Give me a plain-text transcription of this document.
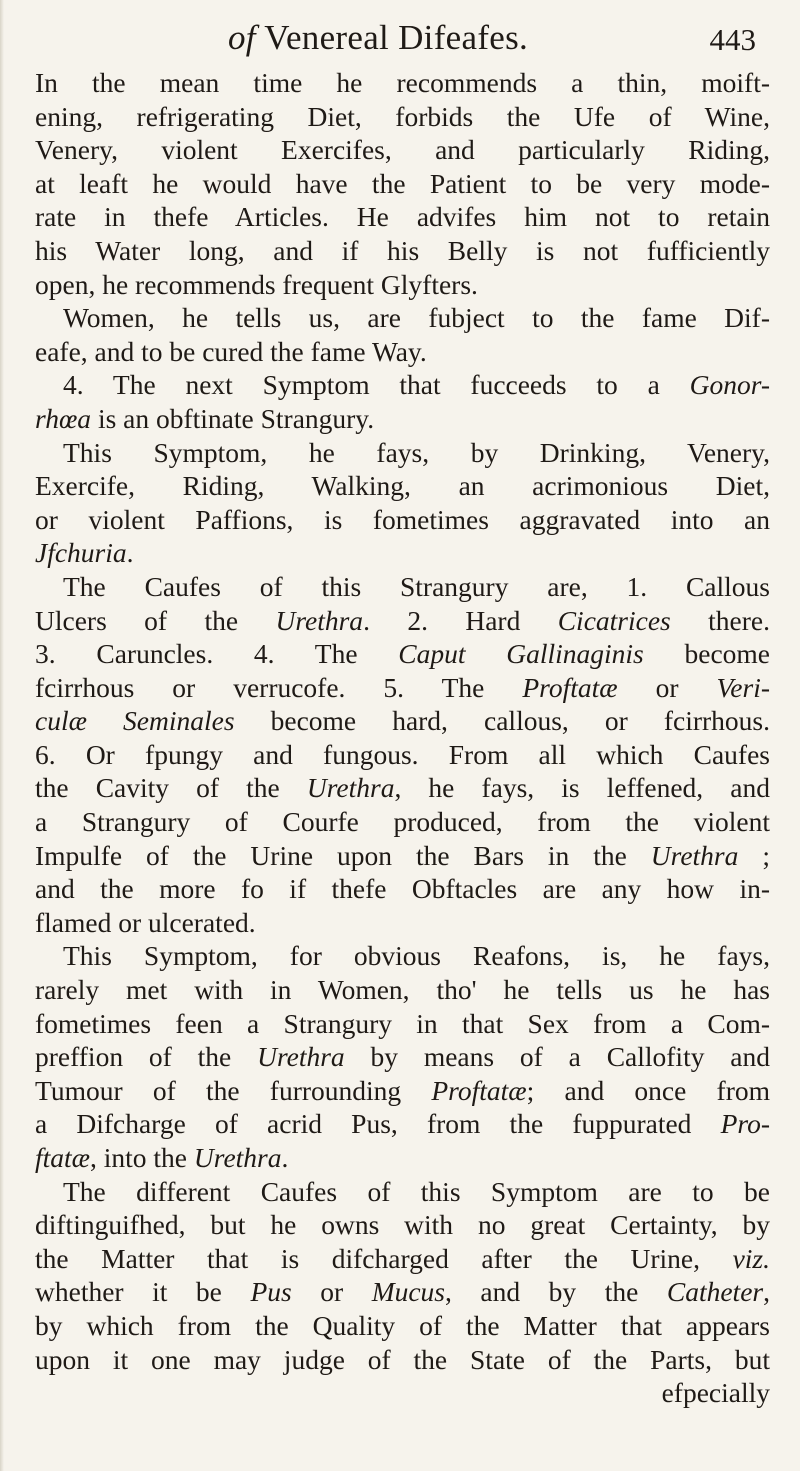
of Venereal Difeafes.	443
In the mean time he recommends a thin, moift-
ening, refrigerating Diet, forbids the Ufe of Wine,
Venery, violent Exercifes, and particularly Riding,
at leaft he would have the Patient to be very mode-
rate in thefe Articles. He advifes him not to retain
his Water long, and if his Belly is not fufficiently
open, he recommends frequent Glyfters.
Women, he tells us, are fubject to the fame Dif-
eafe, and to be cured the fame Way.
4. The next Symptom that fucceeds to a Gonor-
rhœa is an obftinate Strangury.
This Symptom, he fays, by Drinking, Venery,
Exercife, Riding, Walking, an acrimonious Diet,
or violent Paffions, is fometimes aggravated into an
Jfchuria.
The Caufes of this Strangury are, 1. Callous
Ulcers of the Urethra. 2. Hard Cicatrices there.
3. Caruncles. 4. The Caput Gallinaginis become
fcirrhous or verrucofe. 5. The Proftatæ or Veri-
culæ Seminales become hard, callous, or fcirrhous.
6. Or fpungy and fungous. From all which Caufes
the Cavity of the Urethra, he fays, is leffened, and
a Strangury of Courfe produced, from the violent
Impulfe of the Urine upon the Bars in the Urethra ;
and the more fo if thefe Obftacles are any how in-
flamed or ulcerated.
This Symptom, for obvious Reafons, is, he fays,
rarely met with in Women, tho' he tells us he has
fometimes feen a Strangury in that Sex from a Com-
preffion of the Urethra by means of a Callofity and
Tumour of the furrounding Proftatæ; and once from
a Difcharge of acrid Pus, from the fuppurated Pro-
ftatæ, into the Urethra.
The different Caufes of this Symptom are to be
diftinguifhed, but he owns with no great Certainty, by
the Matter that is difcharged after the Urine, viz.
whether it be Pus or Mucus, and by the Catheter,
by which from the Quality of the Matter that appears
upon it one may judge of the State of the Parts, but
efpecially
